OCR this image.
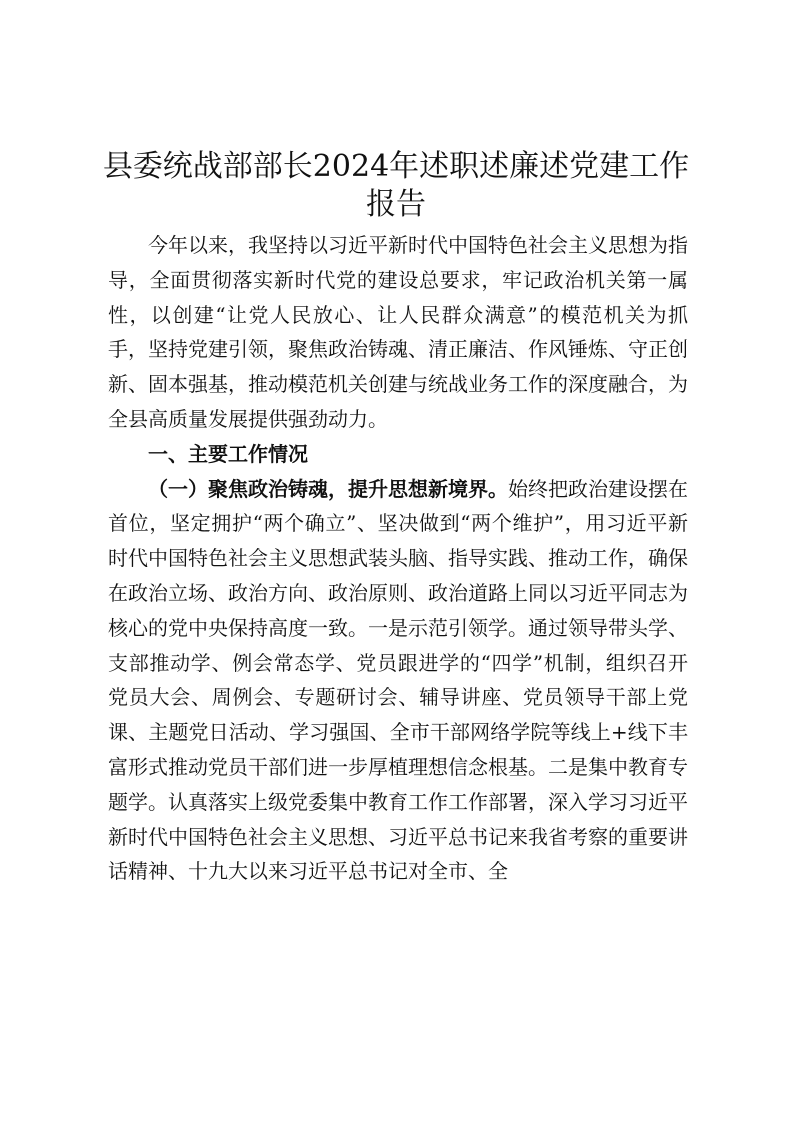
县委统战部部长2024年述职述廉述党建工作
报告

今年以来，我坚持以习近平新时代中国特色社会主义思想为指导，全面贯彻落实新时代党的建设总要求，牢记政治机关第一属性，以创建“让党人民放心、让人民群众满意”的模范机关为抓手，坚持党建引领，聚焦政治铸魂、清正廉洁、作风锤炼、守正创新、固本强基，推动模范机关创建与统战业务工作的深度融合，为全县高质量发展提供强劲动力。

一、主要工作情况

（一）聚焦政治铸魂，提升思想新境界。始终把政治建设摆在首位，坚定拥护“两个确立”、坚决做到“两个维护”，用习近平新时代中国特色社会主义思想武装头脑、指导实践、推动工作，确保在政治立场、政治方向、政治原则、政治道路上同以习近平同志为核心的党中央保持高度一致。一是示范引领学。通过领导带头学、支部推动学、例会常态学、党员跟进学的“四学”机制，组织召开党员大会、周例会、专题研讨会、辅导讲座、党员领导干部上党课、主题党日活动、学习强国、全市干部网络学院等线上+线下丰富形式推动党员干部们进一步厚植理想信念根基。二是集中教育专题学。认真落实上级党委集中教育工作工作部署，深入学习习近平新时代中国特色社会主义思想、习近平总书记来我省考察的重要讲话精神、十九大以来习近平总书记对全市、全
